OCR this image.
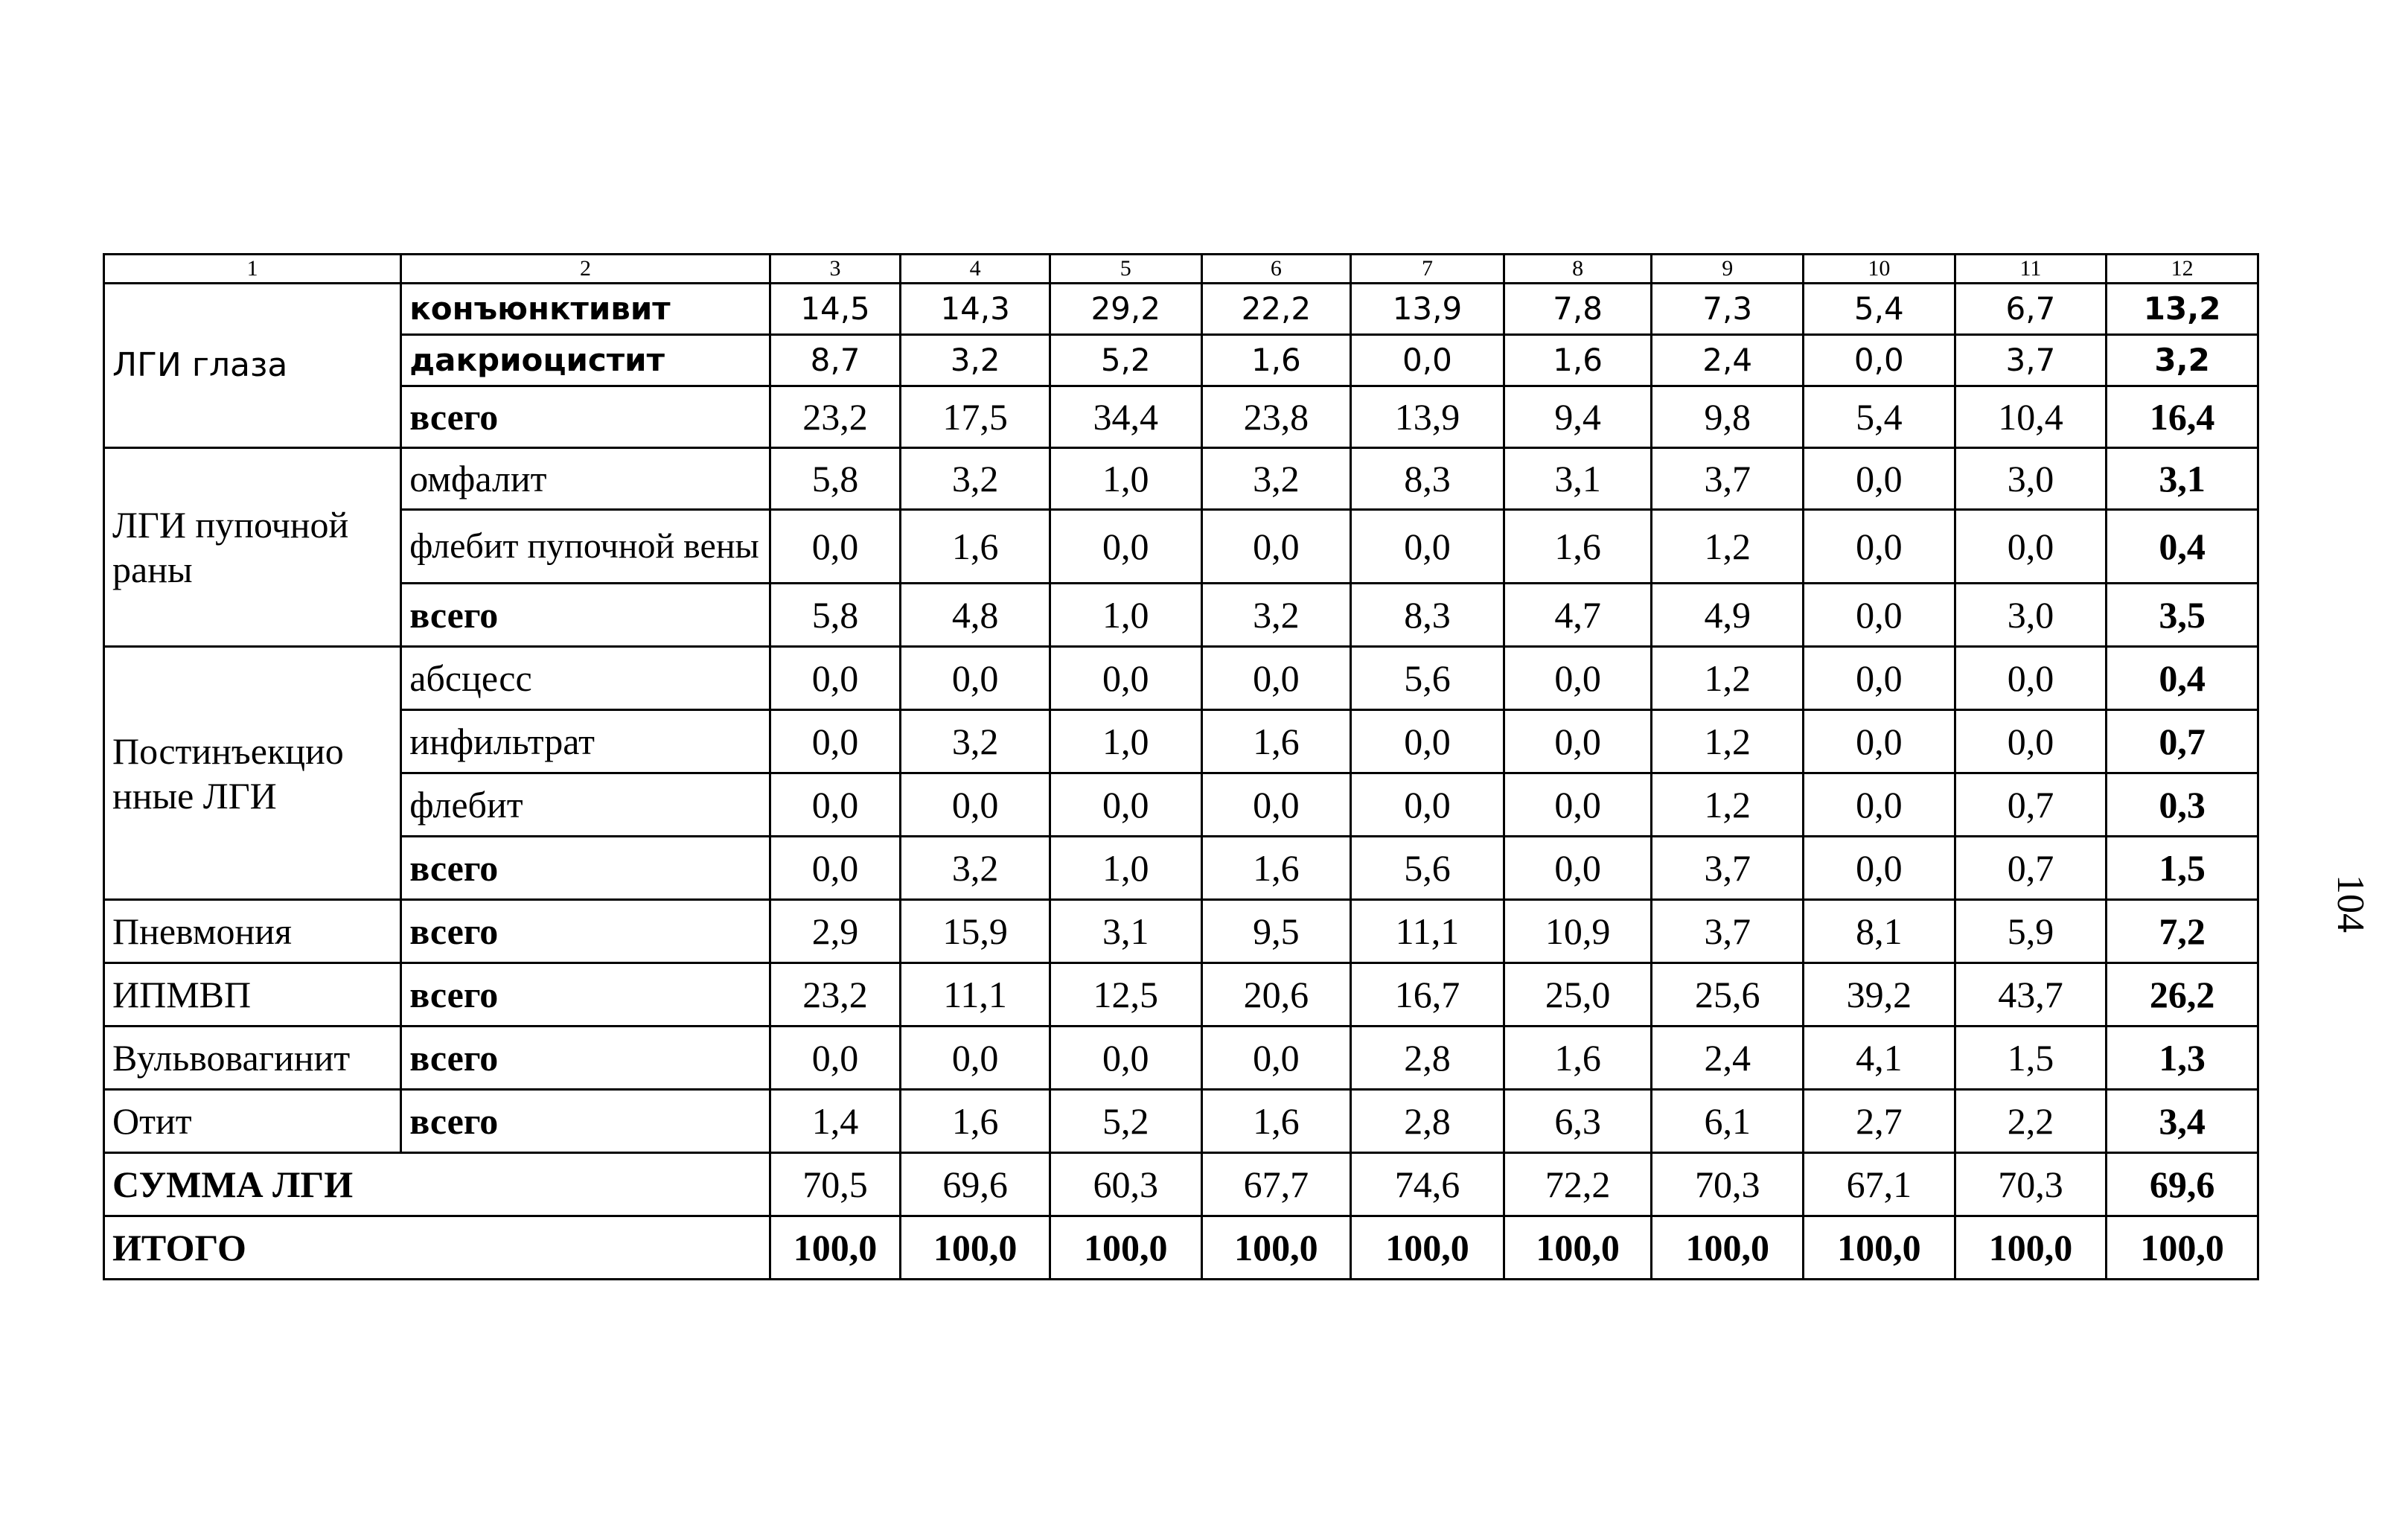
1	2	3	4	5	6	7	8	9	10	11	12
ЛГИ глаза	конъюнктивит	14,5	14,3	29,2	22,2	13,9	7,8	7,3	5,4	6,7	13,2
	дакриоцистит	8,7	3,2	5,2	1,6	0,0	1,6	2,4	0,0	3,7	3,2
	всего	23,2	17,5	34,4	23,8	13,9	9,4	9,8	5,4	10,4	16,4
ЛГИ пупочной раны	омфалит	5,8	3,2	1,0	3,2	8,3	3,1	3,7	0,0	3,0	3,1
	флебит пупочной вены	0,0	1,6	0,0	0,0	0,0	1,6	1,2	0,0	0,0	0,4
	всего	5,8	4,8	1,0	3,2	8,3	4,7	4,9	0,0	3,0	3,5
Постинъекцио нные ЛГИ	абсцесс	0,0	0,0	0,0	0,0	5,6	0,0	1,2	0,0	0,0	0,4
	инфильтрат	0,0	3,2	1,0	1,6	0,0	0,0	1,2	0,0	0,0	0,7
	флебит	0,0	0,0	0,0	0,0	0,0	0,0	1,2	0,0	0,7	0,3
	всего	0,0	3,2	1,0	1,6	5,6	0,0	3,7	0,0	0,7	1,5
Пневмония	всего	2,9	15,9	3,1	9,5	11,1	10,9	3,7	8,1	5,9	7,2
ИПМВП	всего	23,2	11,1	12,5	20,6	16,7	25,0	25,6	39,2	43,7	26,2
Вульвовагинит	всего	0,0	0,0	0,0	0,0	2,8	1,6	2,4	4,1	1,5	1,3
Отит	всего	1,4	1,6	5,2	1,6	2,8	6,3	6,1	2,7	2,2	3,4
СУММА ЛГИ		70,5	69,6	60,3	67,7	74,6	72,2	70,3	67,1	70,3	69,6
ИТОГО		100,0	100,0	100,0	100,0	100,0	100,0	100,0	100,0	100,0	100,0
104
